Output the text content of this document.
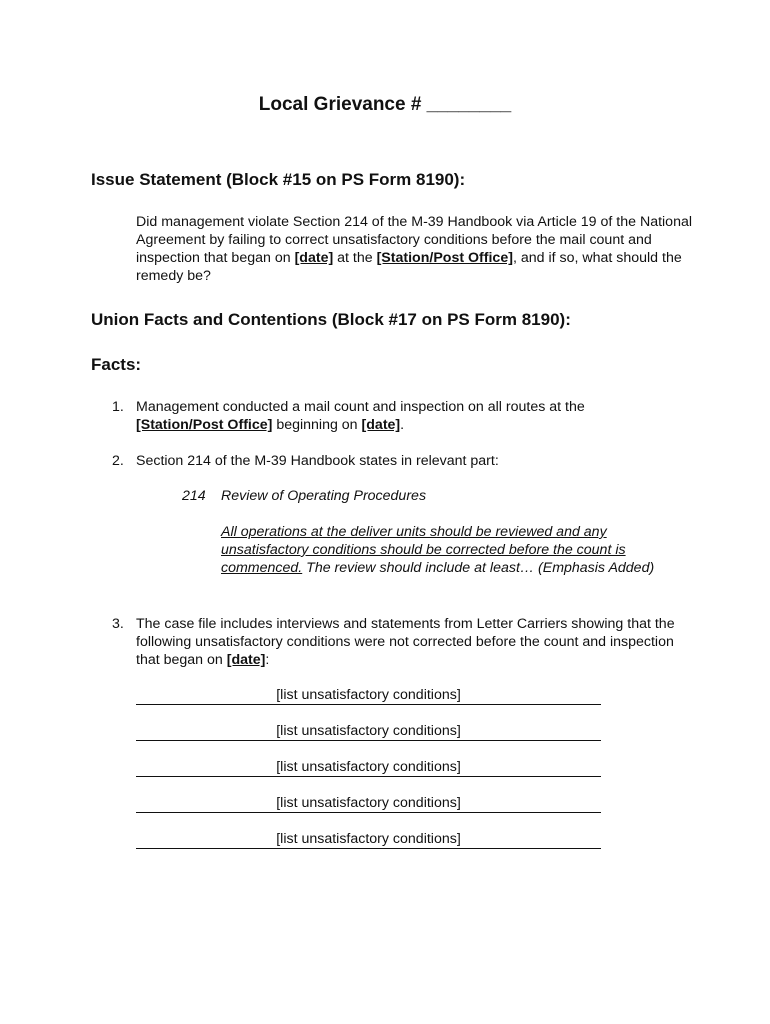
Local Grievance # ________
Issue Statement (Block #15 on PS Form 8190):
Did management violate Section 214 of the M-39 Handbook via Article 19 of the National Agreement by failing to correct unsatisfactory conditions before the mail count and inspection that began on [date] at the [Station/Post Office], and if so, what should the remedy be?
Union Facts and Contentions (Block #17 on PS Form 8190):
Facts:
1. Management conducted a mail count and inspection on all routes at the [Station/Post Office] beginning on [date].
2. Section 214 of the M-39 Handbook states in relevant part:
214 Review of Operating Procedures
All operations at the deliver units should be reviewed and any unsatisfactory conditions should be corrected before the count is commenced. The review should include at least… (Emphasis Added)
3. The case file includes interviews and statements from Letter Carriers showing that the following unsatisfactory conditions were not corrected before the count and inspection that began on [date]:
[list unsatisfactory conditions]
[list unsatisfactory conditions]
[list unsatisfactory conditions]
[list unsatisfactory conditions]
[list unsatisfactory conditions]
